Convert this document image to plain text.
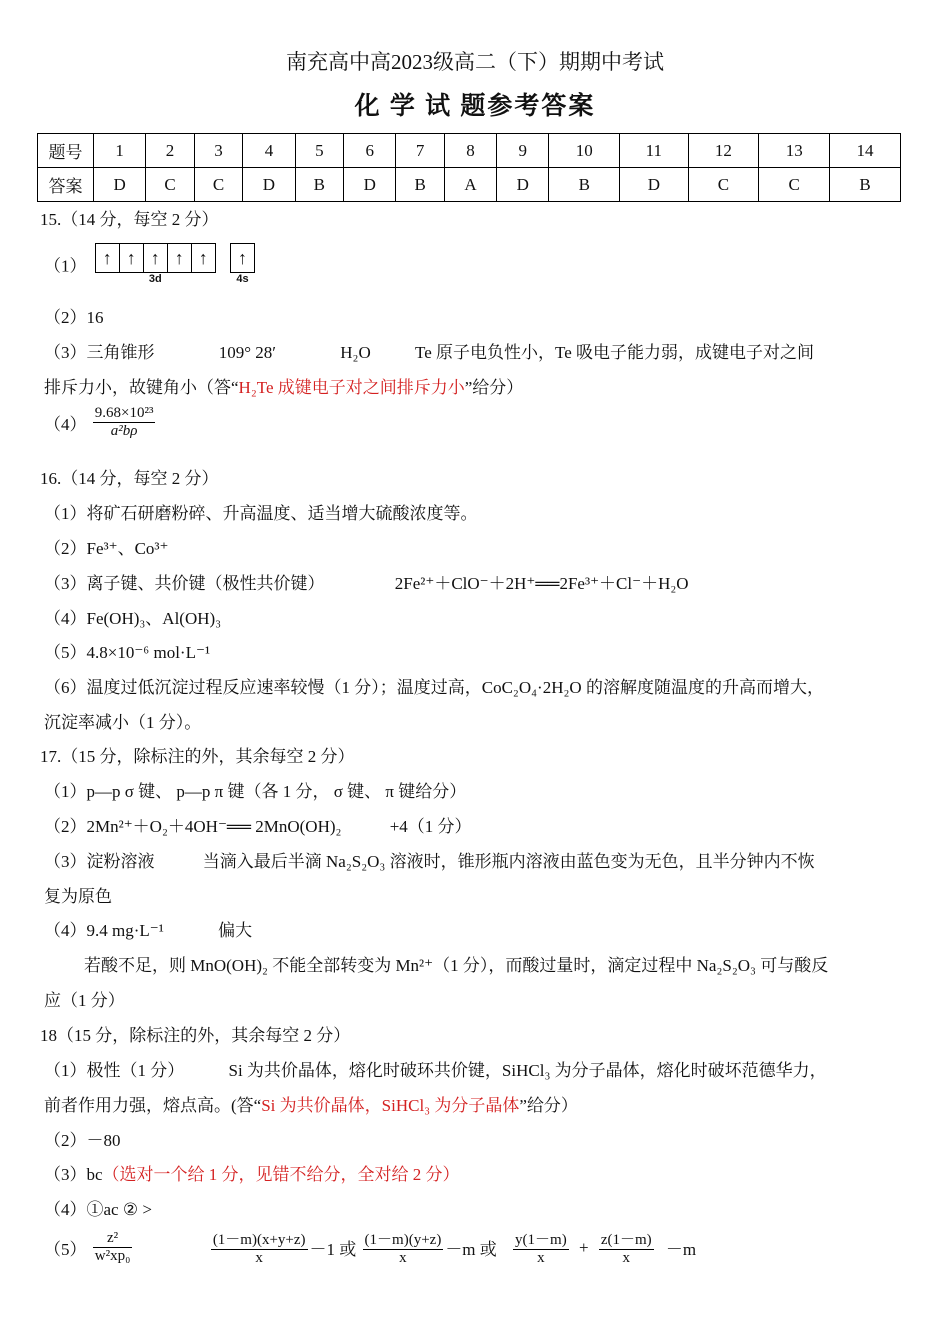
南充高中高2023级高二（下）期期中考试
化 学 试 题参考答案
题号	1	2	3	4	5	6	7	8	9	10	11	12	13	14
答案	D	C	C	D	B	D	B	A	D	B	D	C	C	B
15.（14 分，每空 2 分）
（1） ↑ ↑ ↑ ↑ ↑
3d

↑
4s
（2）16
（3）三角锥形	109° 28′	H₂O	Te 原子电负性小，Te 吸电子能力弱，成键电子对之间
排斥力小，故键角小（答“H₂Te 成键电子对之间排斥力小”给分）
$(4) \frac{\text{9.68×10²³}}{\text{a²bρ}}$
16.（14 分，每空 2 分）
（1）将矿石研磨粉碎、升高温度、适当增大硫酸浓度等。
（2）Fe³⁺、Co³⁺
（3）离子键、共价键（极性共价键）	2Fe²⁺＋ClO⁻＋2H⁺══2Fe³⁺＋Cl⁻＋H₂O
（4）Fe(OH)₃、Al(OH)₃
（5）4.8×10⁻⁶ mol·L⁻¹
（6）温度过低沉淀过程反应速率较慢（1 分）；温度过高，CoC₂O₄·2H₂O 的溶解度随温度的升高而增大，
沉淀率减小（1 分）。
17.（15 分，除标注的外，其余每空 2 分）
（1）p—p σ 键、 p—p π 键（各 1 分， σ 键、 π 键给分）
（2）2Mn²⁺＋O₂＋4OH⁻══ 2MnO(OH)₂	+4（1 分）
（3）淀粉溶液	当滴入最后半滴 Na₂S₂O₃ 溶液时，锥形瓶内溶液由蓝色变为无色，且半分钟内不恢
复为原色
（4）9.4 mg·L⁻¹	偏大
若酸不足，则 MnO(OH)₂ 不能全部转变为 Mn²⁺（1 分），而酸过量时，滴定过程中 Na₂S₂O₃ 可与酸反
应（1 分）
18（15 分，除标注的外，其余每空 2 分）
（1）极性（1 分）	Si 为共价晶体，熔化时破环共价键，SiHCl₃ 为分子晶体，熔化时破坏范德华力，
前者作用力强，熔点高。(答“Si 为共价晶体，SiHCl₃ 为分子晶体”给分）
（2）－80
（3）bc（选对一个给 1 分，见错不给分，全对给 2 分）
（4）①ac ② >
$(5) \frac{\text{z²}}{\text{w²xp₀}}$
	$\frac{(1-m)(x+y+z)}{x} -1$ 或 $\frac{(1-m)(y+z)}{x} -m$ 或 $\frac{y(1-m)}{x} + \frac{z(1-m)}{x} -m$
